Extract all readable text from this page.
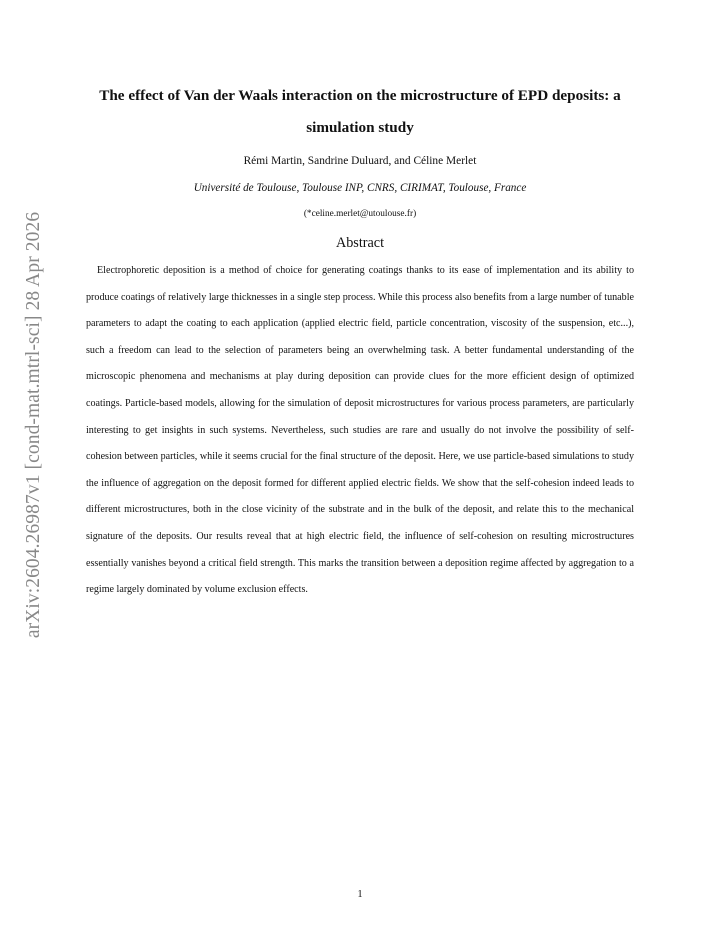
arXiv:2604.26987v1 [cond-mat.mtrl-sci] 28 Apr 2026
The effect of Van der Waals interaction on the microstructure of EPD deposits: a simulation study
Rémi Martin, Sandrine Duluard, and Céline Merlet
Université de Toulouse, Toulouse INP, CNRS, CIRIMAT, Toulouse, France
(*celine.merlet@utoulouse.fr)
Abstract

Electrophoretic deposition is a method of choice for generating coatings thanks to its ease of implementation and its ability to produce coatings of relatively large thicknesses in a single step process. While this process also benefits from a large number of tunable parameters to adapt the coating to each application (applied electric field, particle concentration, viscosity of the suspension, etc...), such a freedom can lead to the selection of parameters being an overwhelming task. A better fundamental understanding of the microscopic phenomena and mechanisms at play during deposition can provide clues for the more efficient design of optimized coatings. Particle-based models, allowing for the simulation of deposit microstructures for various process parameters, are particularly interesting to get insights in such systems. Nevertheless, such studies are rare and usually do not involve the possibility of self-cohesion between particles, while it seems crucial for the final structure of the deposit. Here, we use particle-based simulations to study the influence of aggregation on the deposit formed for different applied electric fields. We show that the self-cohesion indeed leads to different microstructures, both in the close vicinity of the substrate and in the bulk of the deposit, and relate this to the mechanical signature of the deposits. Our results reveal that at high electric field, the influence of self-cohesion on resulting microstructures essentially vanishes beyond a critical field strength. This marks the transition between a deposition regime affected by aggregation to a regime largely dominated by volume exclusion effects.

1
